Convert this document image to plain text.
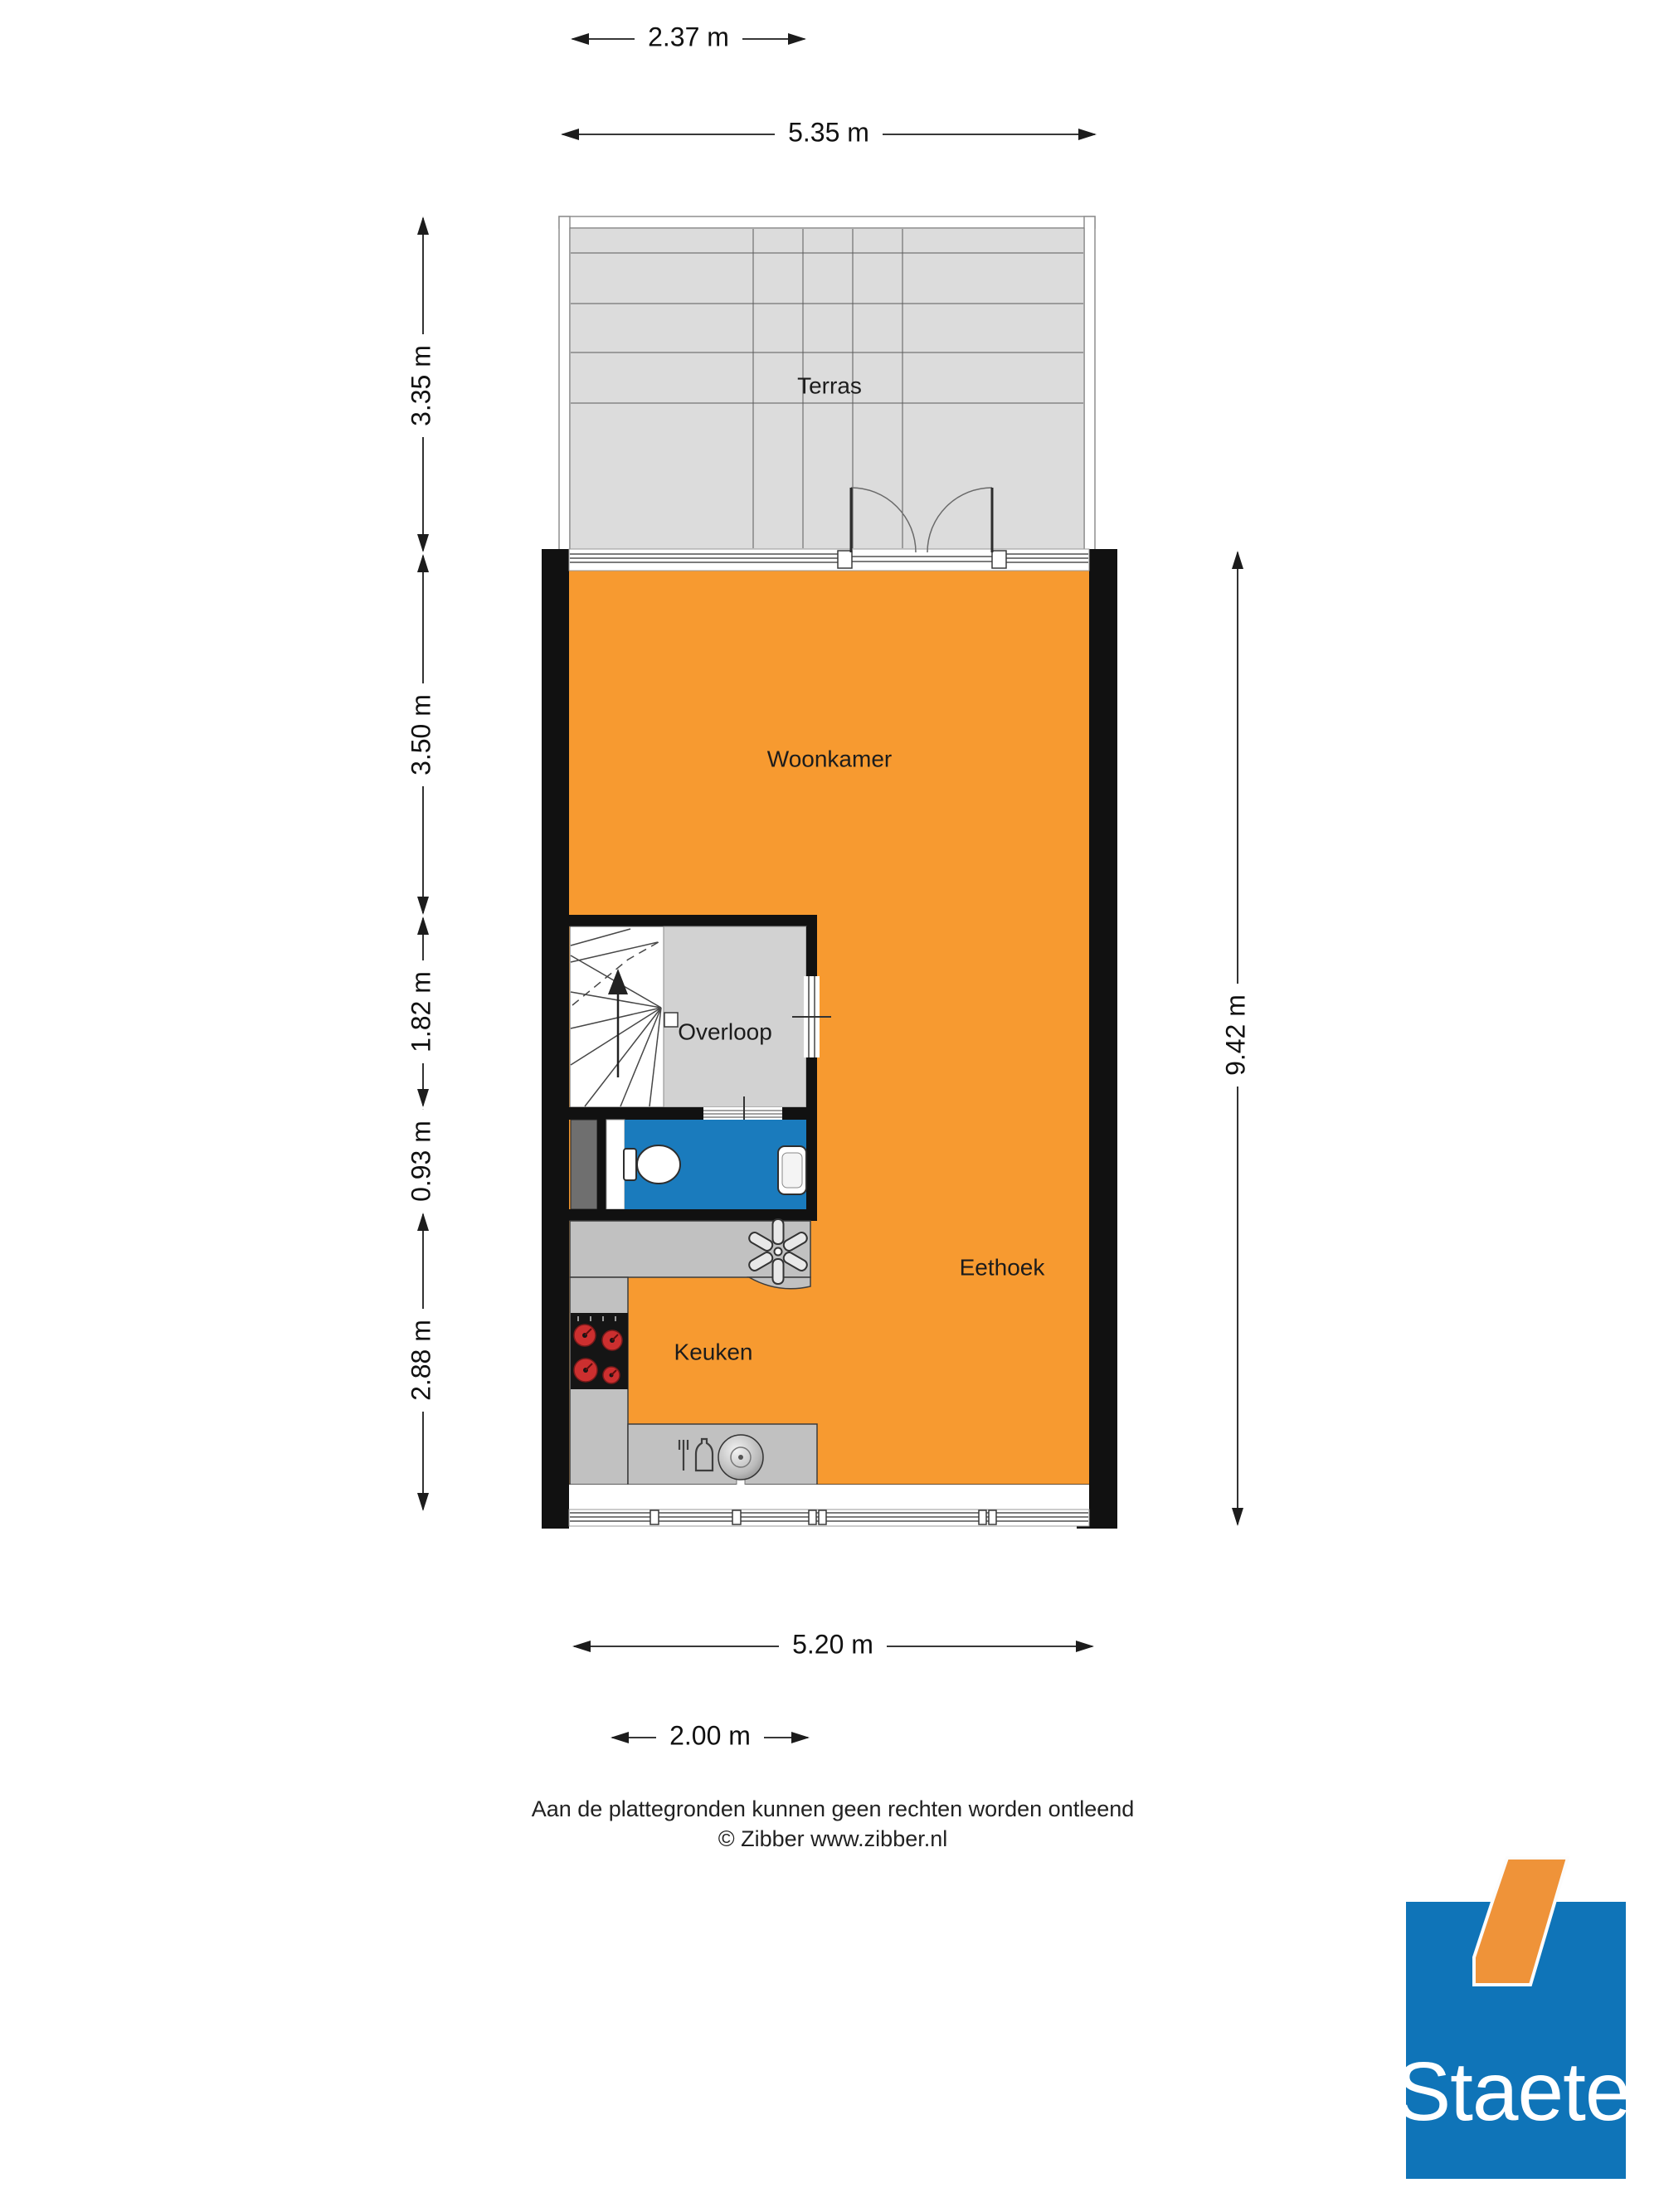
Terras
Overloop
Woonkamer
Eethoek
Keuken
2.37 m
5.35 m
3.35 m
3.50 m
1.82 m
0.93 m
2.88 m
9.42 m
5.20 m
2.00 m
Aan de plattegronden kunnen geen rechten worden ontleend
© Zibber www.zibber.nl
Staete
